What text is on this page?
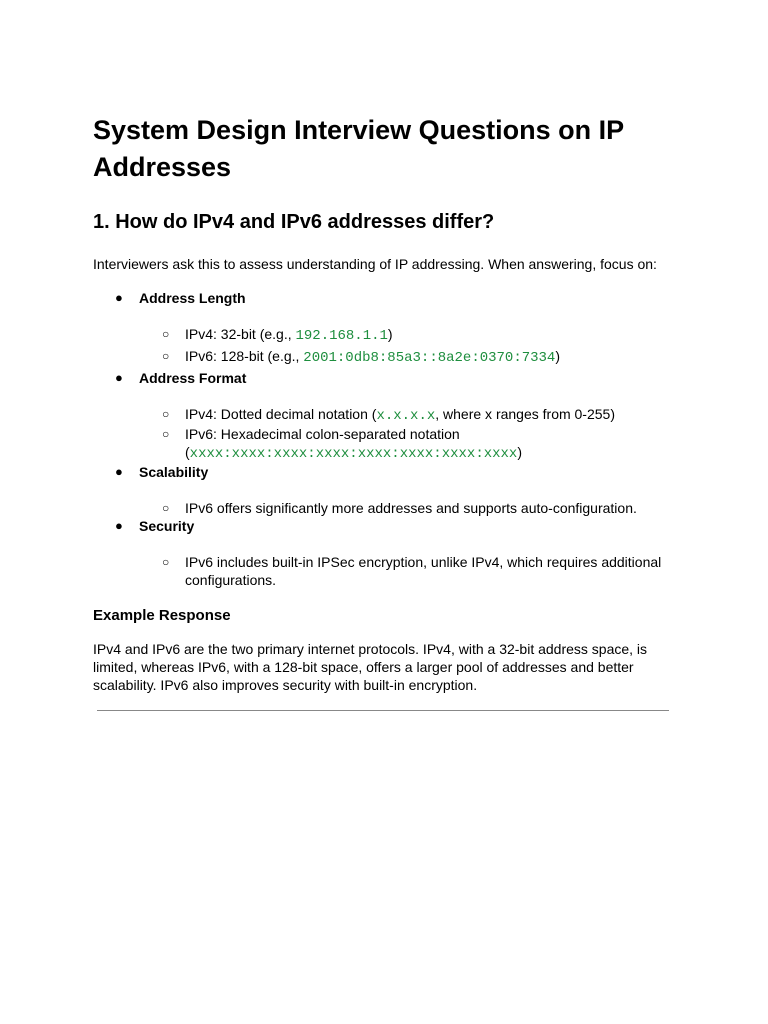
System Design Interview Questions on IP Addresses
1. How do IPv4 and IPv6 addresses differ?

Interviewers ask this to assess understanding of IP addressing. When answering, focus on:

● Address Length
○ IPv4: 32-bit (e.g., 192.168.1.1)
○ IPv6: 128-bit (e.g., 2001:0db8:85a3::8a2e:0370:7334)
● Address Format
○ IPv4: Dotted decimal notation (x.x.x.x, where x ranges from 0-255)
○ IPv6: Hexadecimal colon-separated notation (xxxx:xxxx:xxxx:xxxx:xxxx:xxxx:xxxx:xxxx)
● Scalability
○ IPv6 offers significantly more addresses and supports auto-configuration.
● Security
○ IPv6 includes built-in IPSec encryption, unlike IPv4, which requires additional configurations.
Example Response

IPv4 and IPv6 are the two primary internet protocols. IPv4, with a 32-bit address space, is limited, whereas IPv6, with a 128-bit space, offers a larger pool of addresses and better scalability. IPv6 also improves security with built-in encryption.
